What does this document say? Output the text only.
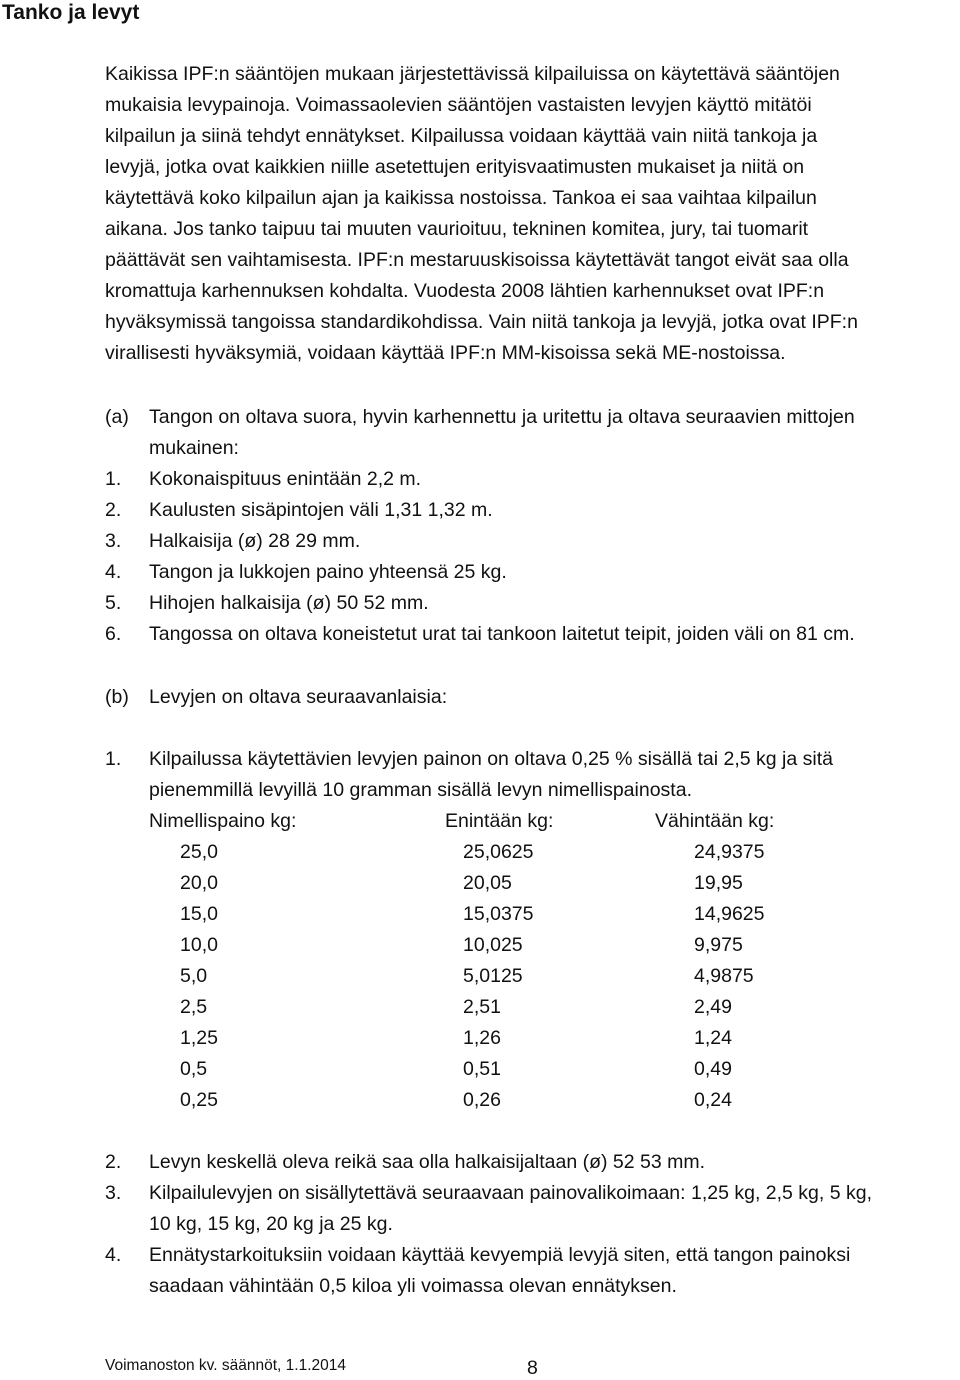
Tanko ja levyt
Kaikissa IPF:n sääntöjen mukaan järjestettävissä kilpailuissa on käytettävä sääntöjen
mukaisia levypainoja. Voimassaolevien sääntöjen vastaisten levyjen käyttö mitätöi
kilpailun ja siinä tehdyt ennätykset. Kilpailussa voidaan käyttää vain niitä tankoja ja
levyjä, jotka ovat kaikkien niille asetettujen erityisvaatimusten mukaiset ja niitä on
käytettävä koko kilpailun ajan ja kaikissa nostoissa. Tankoa ei saa vaihtaa kilpailun
aikana. Jos tanko taipuu tai muuten vaurioituu, tekninen komitea, jury, tai tuomarit
päättävät sen vaihtamisesta. IPF:n mestaruuskisoissa käytettävät tangot eivät saa olla
kromattuja karhennuksen kohdalta. Vuodesta 2008 lähtien karhennukset ovat IPF:n
hyväksymissä tangoissa standardikohdissa. Vain niitä tankoja ja levyjä, jotka ovat IPF:n
virallisesti hyväksymiä, voidaan käyttää IPF:n MM-kisoissa sekä ME-nostoissa.
(a) Tangon on oltava suora, hyvin karhennettu ja uritettu ja oltava seuraavien mittojen
mukainen:
1. Kokonaispituus enintään 2,2 m.
2. Kaulusten sisäpintojen väli 1,31 1,32 m.
3. Halkaisija (ø) 28 29 mm.
4. Tangon ja lukkojen paino yhteensä 25 kg.
5. Hihojen halkaisija (ø) 50 52 mm.
6. Tangossa on oltava koneistetut urat tai tankoon laitetut teipit, joiden väli on 81 cm.
(b) Levyjen on oltava seuraavanlaisia:
1. Kilpailussa käytettävien levyjen painon on oltava 0,25 % sisällä tai 2,5 kg ja sitä
pienemmillä levyillä 10 gramman sisällä levyn nimellispainosta.
Nimellispaino kg:	Enintään kg:	Vähintään kg:
25,0	25,0625	24,9375
20,0	20,05	19,95
15,0	15,0375	14,9625
10,0	10,025	9,975
5,0	5,0125	4,9875
2,5	2,51	2,49
1,25	1,26	1,24
0,5	0,51	0,49
0,25	0,26	0,24
2. Levyn keskellä oleva reikä saa olla halkaisijaltaan (ø) 52 53 mm.
3. Kilpailulevyjen on sisällytettävä seuraavaan painovalikoimaan: 1,25 kg, 2,5 kg, 5 kg,
10 kg, 15 kg, 20 kg ja 25 kg.
4. Ennätystarkoituksiin voidaan käyttää kevyempiä levyjä siten, että tangon painoksi
saadaan vähintään 0,5 kiloa yli voimassa olevan ennätyksen.
Voimanoston kv. säännöt, 1.1.2014	8
